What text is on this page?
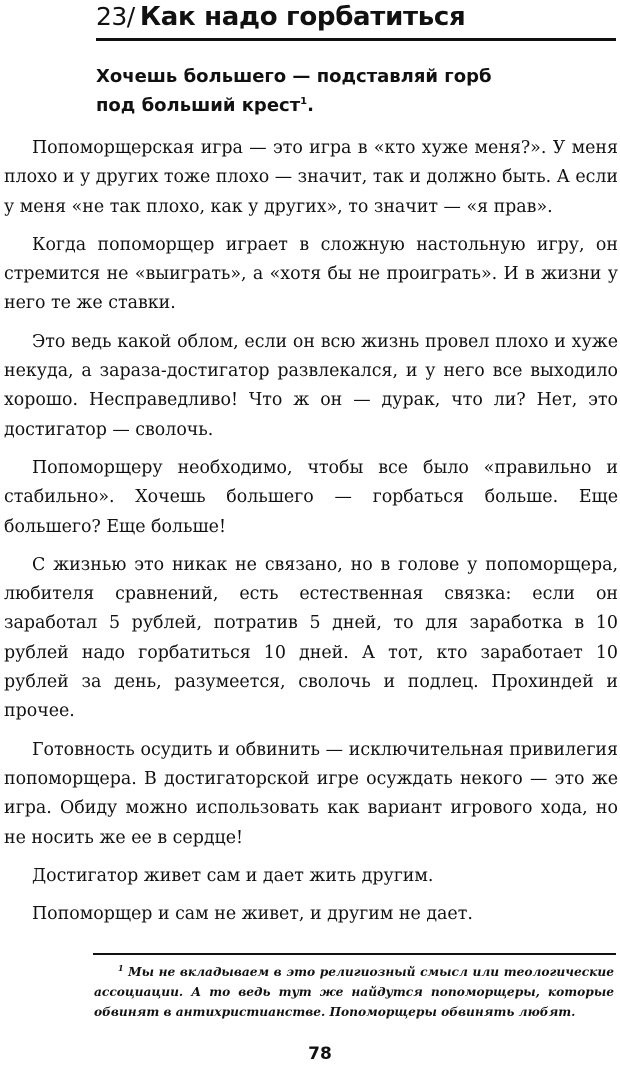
23/ Как надо горбатиться
Хочешь большего — подставляй горб
под больший крест$^1$.

Попоморщерская игра — это игра в «кто хуже меня?». У меня плохо и у других тоже плохо — значит, так и должно быть. А если у меня «не так плохо, как у других», то значит — «я прав».

Когда попоморщер играет в сложную настольную игру, он стремится не «выиграть», а «хотя бы не проиграть». И в жизни у него те же ставки.

Это ведь какой облом, если он всю жизнь провел плохо и хуже некуда, а зараза-достигатор развлекался, и у него все выходило хорошо. Несправедливо! Что ж он — дурак, что ли? Нет, это достигатор — сволочь.

Попоморщеру необходимо, чтобы все было «правильно и стабильно». Хочешь большего — горбаться больше. Еще большего? Еще больше!

С жизнью это никак не связано, но в голове у попоморщера, любителя сравнений, есть естественная связка: если он заработал 5 рублей, потратив 5 дней, то для заработка в 10 рублей надо горбатиться 10 дней. А тот, кто заработает 10 рублей за день, разумеется, сволочь и подлец. Прохиндей и прочее.

Готовность осудить и обвинить — исключительная привилегия попоморщера. В достигаторской игре осуждать некого — это же игра. Обиду можно использовать как вариант игрового хода, но не носить же ее в сердце!

Достигатор живет сам и дает жить другим.

Попоморщер и сам не живет, и другим не дает.

$^1$ Мы не вкладываем в это религиозный смысл или теологические ассоциации. А то ведь тут же найдутся попоморщеры, которые обвинят в антихристианстве. Попоморщеры обвинять любят.
78
